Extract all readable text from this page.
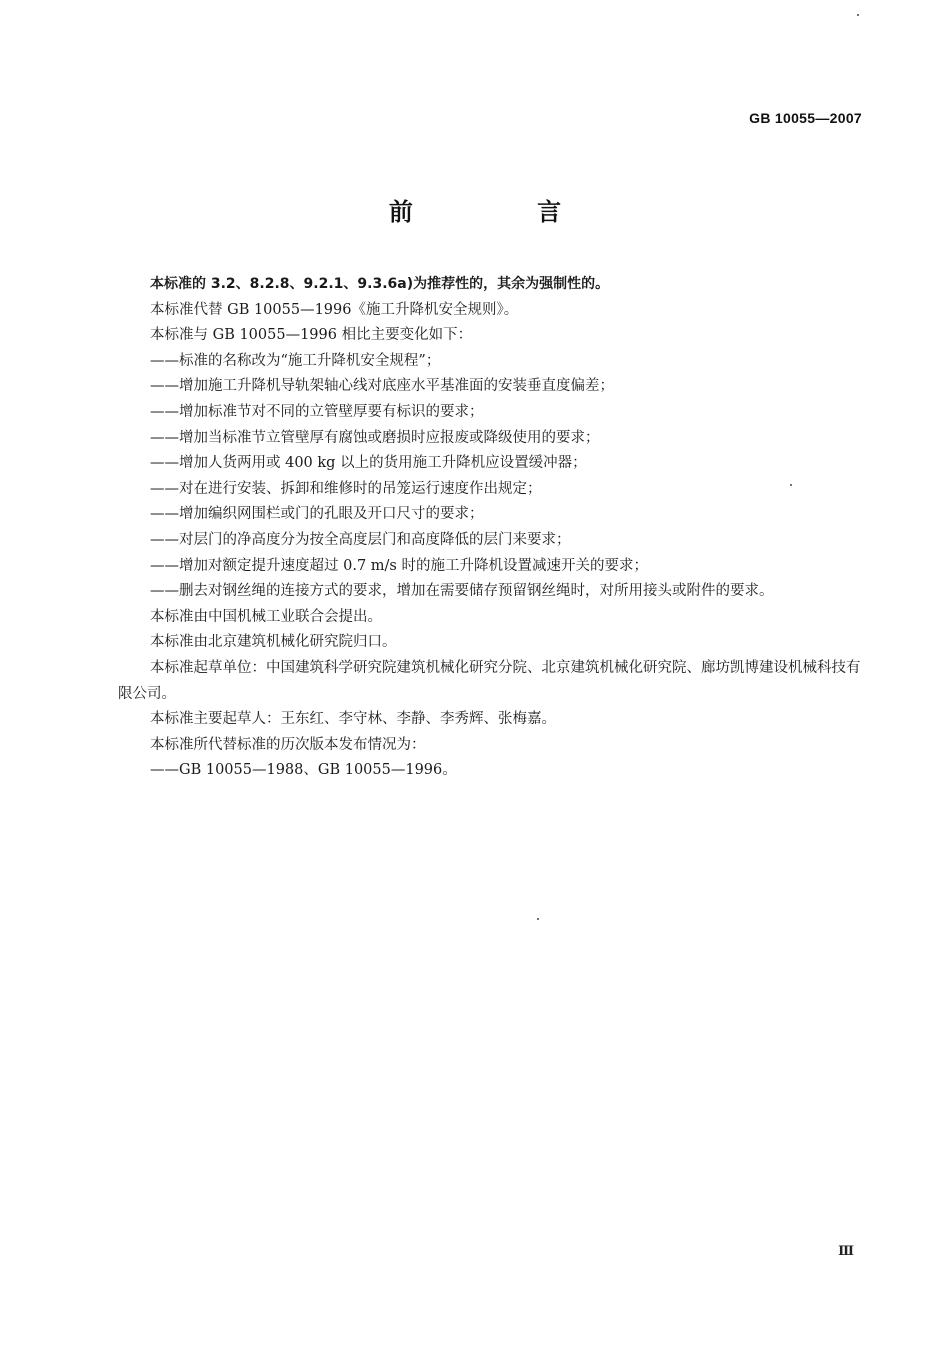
GB 10055—2007
前 言

本标准的 3.2、8.2.8、9.2.1、9.3.6a)为推荐性的，其余为强制性的。

本标准代替 GB 10055—1996《施工升降机安全规则》。

本标准与 GB 10055—1996 相比主要变化如下：

——标准的名称改为“施工升降机安全规程”；

——增加施工升降机导轨架轴心线对底座水平基准面的安装垂直度偏差；

——增加标准节对不同的立管壁厚要有标识的要求；

——增加当标准节立管壁厚有腐蚀或磨损时应报废或降级使用的要求；

——增加人货两用或 400 kg 以上的货用施工升降机应设置缓冲器；

——对在进行安装、拆卸和维修时的吊笼运行速度作出规定；

——增加编织网围栏或门的孔眼及开口尺寸的要求；

——对层门的净高度分为按全高度层门和高度降低的层门来要求；

——增加对额定提升速度超过 0.7 m/s 时的施工升降机设置减速开关的要求；

——删去对钢丝绳的连接方式的要求，增加在需要储存预留钢丝绳时，对所用接头或附件的要求。

本标准由中国机械工业联合会提出。

本标准由北京建筑机械化研究院归口。

本标准起草单位：中国建筑科学研究院建筑机械化研究分院、北京建筑机械化研究院、廊坊凯博建设机械科技有限公司。

本标准主要起草人：王东红、李守林、李静、李秀辉、张梅嘉。

本标准所代替标准的历次版本发布情况为：

——GB 10055—1988、GB 10055—1996。

Ⅲ
